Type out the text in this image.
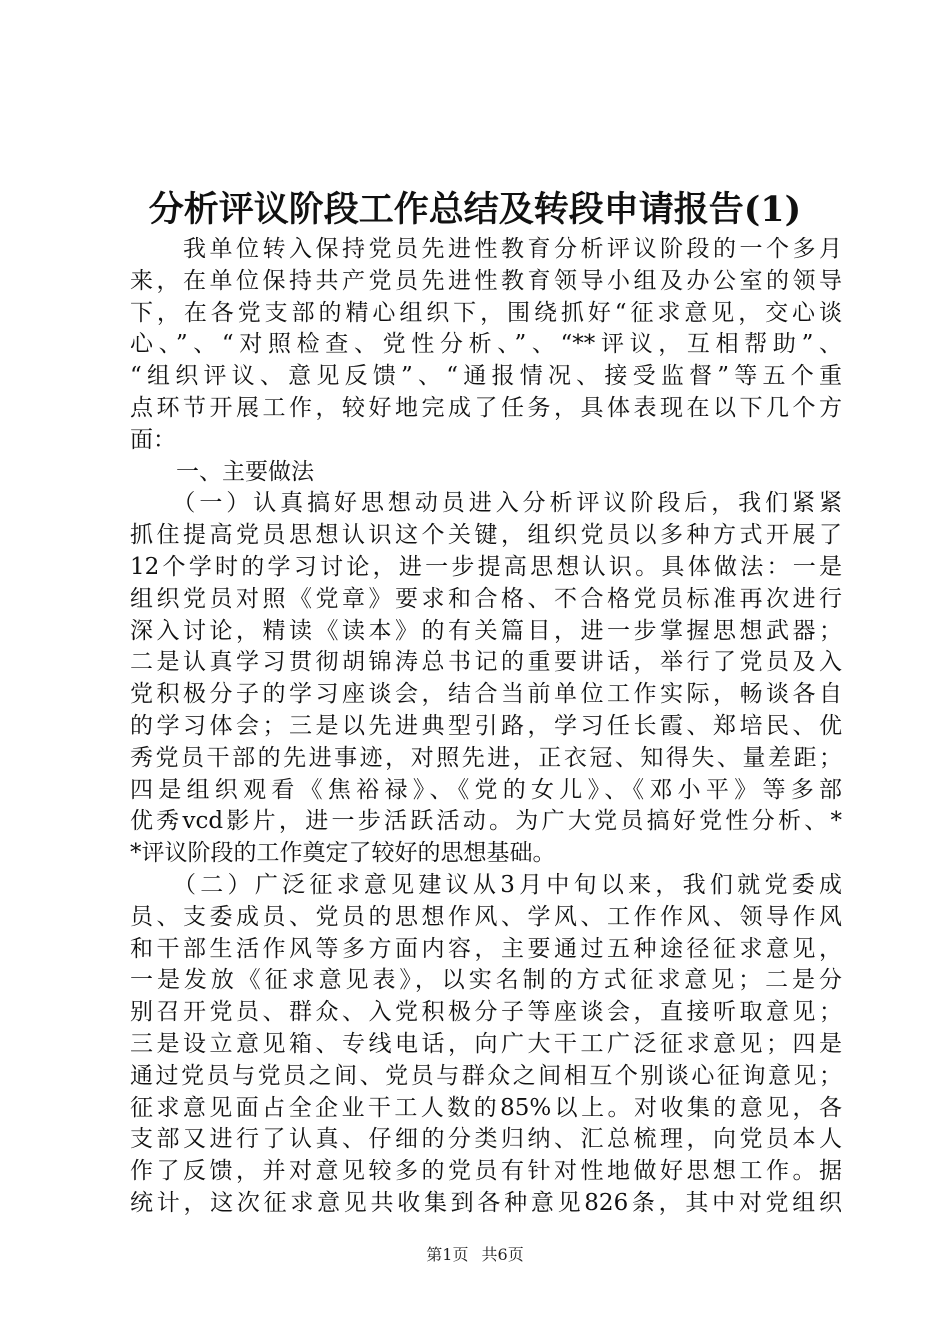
分析评议阶段工作总结及转段申请报告(1)
　　我单位转入保持党员先进性教育分析评议阶段的一个多月
来，在单位保持共产党员先进性教育领导小组及办公室的领导
下，在各党支部的精心组织下，围绕抓好“征求意见，交心谈
心、”、“对照检查、党性分析、”、“**评议，互相帮助”、
“组织评议、意见反馈”、“通报情况、接受监督”等五个重
点环节开展工作，较好地完成了任务，具体表现在以下几个方
面：
　　一、主要做法
　　（一）认真搞好思想动员进入分析评议阶段后，我们紧紧
抓住提高党员思想认识这个关键，组织党员以多种方式开展了
12个学时的学习讨论，进一步提高思想认识。具体做法：一是
组织党员对照《党章》要求和合格、不合格党员标准再次进行
深入讨论，精读《读本》的有关篇目，进一步掌握思想武器；
二是认真学习贯彻胡锦涛总书记的重要讲话，举行了党员及入
党积极分子的学习座谈会，结合当前单位工作实际，畅谈各自
的学习体会；三是以先进典型引路，学习任长霞、郑培民、优
秀党员干部的先进事迹，对照先进，正衣冠、知得失、量差距；
四是组织观看《焦裕禄》、《党的女儿》、《邓小平》等多部
优秀vcd影片，进一步活跃活动。为广大党员搞好党性分析、*
*评议阶段的工作奠定了较好的思想基础。
　　（二）广泛征求意见建议从3月中旬以来，我们就党委成
员、支委成员、党员的思想作风、学风、工作作风、领导作风
和干部生活作风等多方面内容，主要通过五种途径征求意见，
一是发放《征求意见表》，以实名制的方式征求意见；二是分
别召开党员、群众、入党积极分子等座谈会，直接听取意见；
三是设立意见箱、专线电话，向广大干工广泛征求意见；四是
通过党员与党员之间、党员与群众之间相互个别谈心征询意见；
征求意见面占全企业干工人数的85%以上。对收集的意见，各
支部又进行了认真、仔细的分类归纳、汇总梳理，向党员本人
作了反馈，并对意见较多的党员有针对性地做好思想工作。据
统计，这次征求意见共收集到各种意见826条，其中对党组织
第1页 共6页
